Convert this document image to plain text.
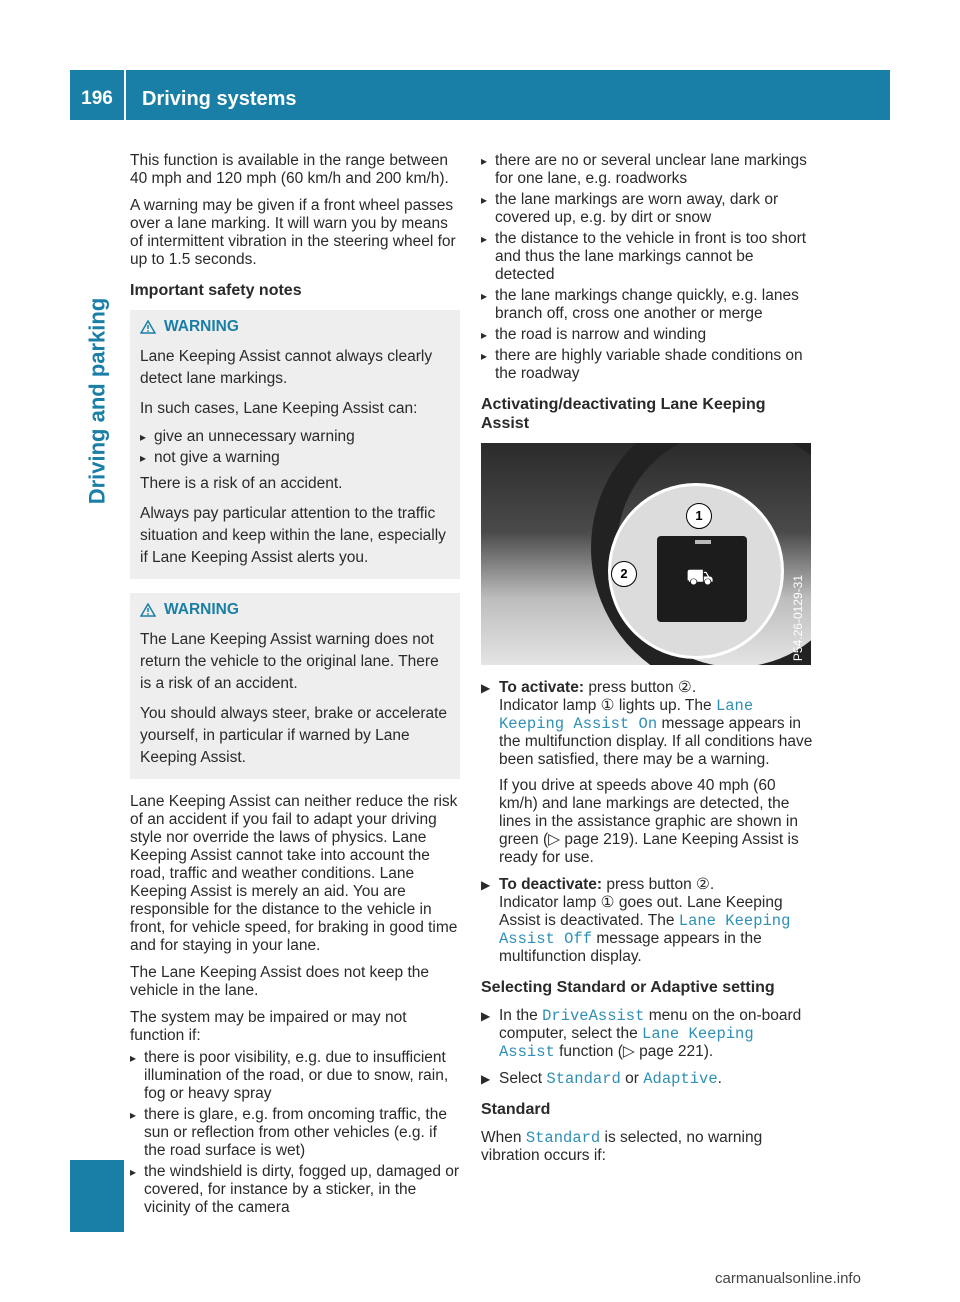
196	Driving systems
Driving and parking

This function is available in the range between 40 mph and 120 mph (60 km/h and 200 km/h).

A warning may be given if a front wheel passes over a lane marking. It will warn you by means of intermittent vibration in the steering wheel for up to 1.5 seconds.

Important safety notes
WARNING

Lane Keeping Assist cannot always clearly detect lane markings.

In such cases, Lane Keeping Assist can:

▸ give an unnecessary warning
▸ not give a warning

There is a risk of an accident.

Always pay particular attention to the traffic situation and keep within the lane, especially if Lane Keeping Assist alerts you.

WARNING

The Lane Keeping Assist warning does not return the vehicle to the original lane. There is a risk of an accident.

You should always steer, brake or accelerate yourself, in particular if warned by Lane Keeping Assist.

Lane Keeping Assist can neither reduce the risk of an accident if you fail to adapt your driving style nor override the laws of physics. Lane Keeping Assist cannot take into account the road, traffic and weather conditions. Lane Keeping Assist is merely an aid. You are responsible for the distance to the vehicle in front, for vehicle speed, for braking in good time and for staying in your lane.

The Lane Keeping Assist does not keep the vehicle in the lane.

The system may be impaired or may not function if:

▸ there is poor visibility, e.g. due to insufficient illumination of the road, or due to snow, rain, fog or heavy spray
▸ there is glare, e.g. from oncoming traffic, the sun or reflection from other vehicles (e.g. if the road surface is wet)
▸ the windshield is dirty, fogged up, damaged or covered, for instance by a sticker, in the vicinity of the camera
▸ there are no or several unclear lane markings for one lane, e.g. roadworks
▸ the lane markings are worn away, dark or covered up, e.g. by dirt or snow
▸ the distance to the vehicle in front is too short and thus the lane markings cannot be detected
▸ the lane markings change quickly, e.g. lanes branch off, cross one another or merge
▸ the road is narrow and winding
▸ there are highly variable shade conditions on the roadway
Activating/deactivating Lane Keeping Assist
⛟
1
2
P54.26-0129-31
▶ To activate: press button ②.
Indicator lamp ① lights up. The Lane Keeping Assist On message appears in the multifunction display. If all conditions have been satisfied, there may be a warning.

If you drive at speeds above 40 mph (60 km/h) and lane markings are detected, the lines in the assistance graphic are shown in green (▷ page 219). Lane Keeping Assist is ready for use.

▶ To deactivate: press button ②.
Indicator lamp ① goes out. Lane Keeping Assist is deactivated. The Lane Keeping Assist Off message appears in the multifunction display.
Selecting Standard or Adaptive setting
▶ In the DriveAssist menu on the on-board computer, select the Lane Keeping Assist function (▷ page 221).
▶ Select Standard or Adaptive.
Standard

When Standard is selected, no warning vibration occurs if:

carmanualsonline.info
